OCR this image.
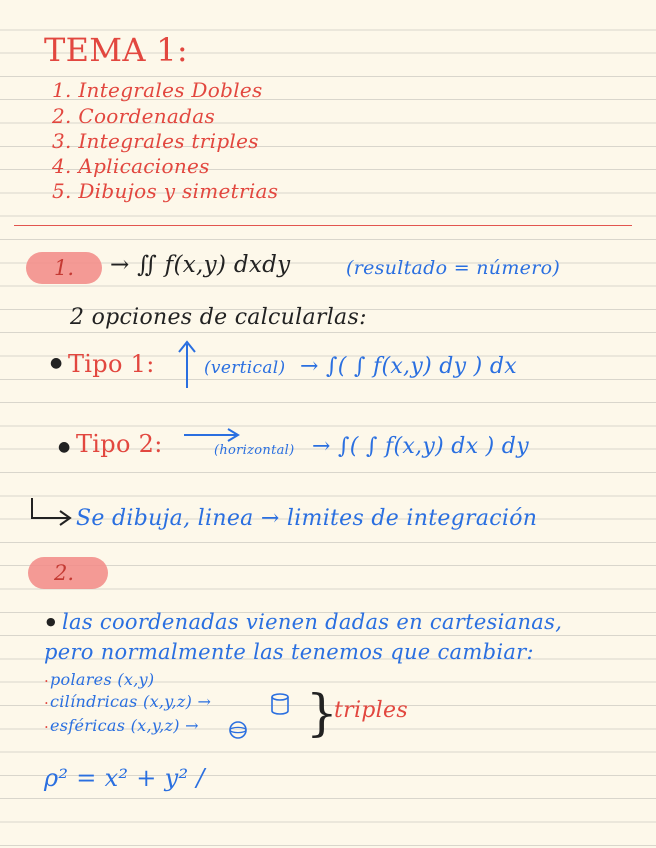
TEMA 1:
1. Integrales Dobles
2. Coordenadas
3. Integrales triples
4. Aplicaciones
5. Dibujos y simetrias
1. → ∬ f(x,y) dxdy	(resultado = número)
2 opciones de calcularlas:
● Tipo 1:	(vertical) → ∫( ∫ f(x,y) dy ) dx
● Tipo 2:	(horizontal) → ∫( ∫ f(x,y) dx ) dy
Se dibuja, linea → limites de integración
2.
● las coordenadas vienen dadas en cartesianas,
pero normalmente las tenemos que cambiar:
· polares (x,y)
· cilíndricas (x,y,z) →
· esféricas (x,y,z) → }
triples
ρ² = x² + y² /
